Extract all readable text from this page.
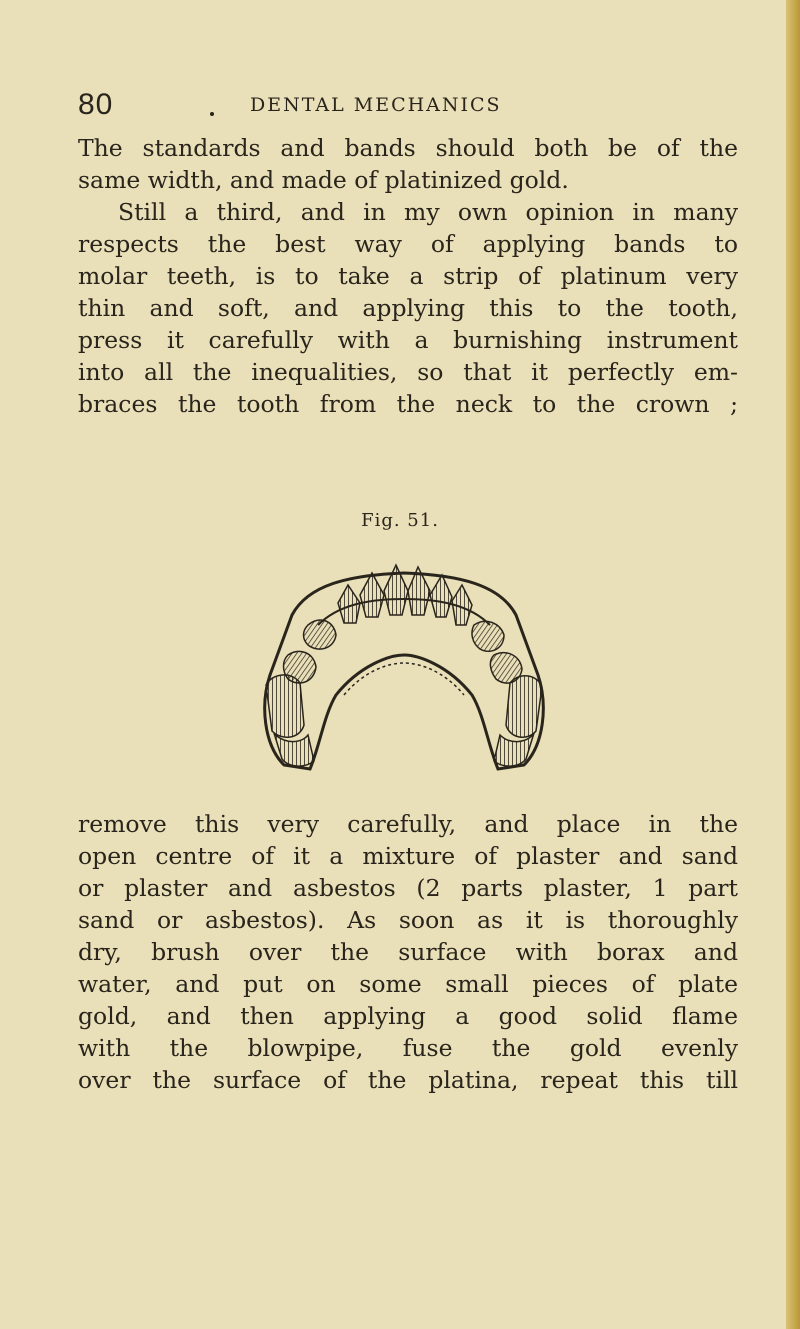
80	DENTAL MECHANICS
The standards and bands should both be of the
same width, and made of platinized gold.
Still a third, and in my own opinion in many
respects the best way of applying bands to
molar teeth, is to take a strip of platinum very
thin and soft, and applying this to the tooth,
press it carefully with a burnishing instrument
into all the inequalities, so that it perfectly em-
braces the tooth from the neck to the crown ;
Fig. 51.
remove this very carefully, and place in the
open centre of it a mixture of plaster and sand
or plaster and asbestos (2 parts plaster, 1 part
sand or asbestos). As soon as it is thoroughly
dry, brush over the surface with borax and
water, and put on some small pieces of plate
gold, and then applying a good solid flame
with the blowpipe, fuse the gold evenly
over the surface of the platina, repeat this till
